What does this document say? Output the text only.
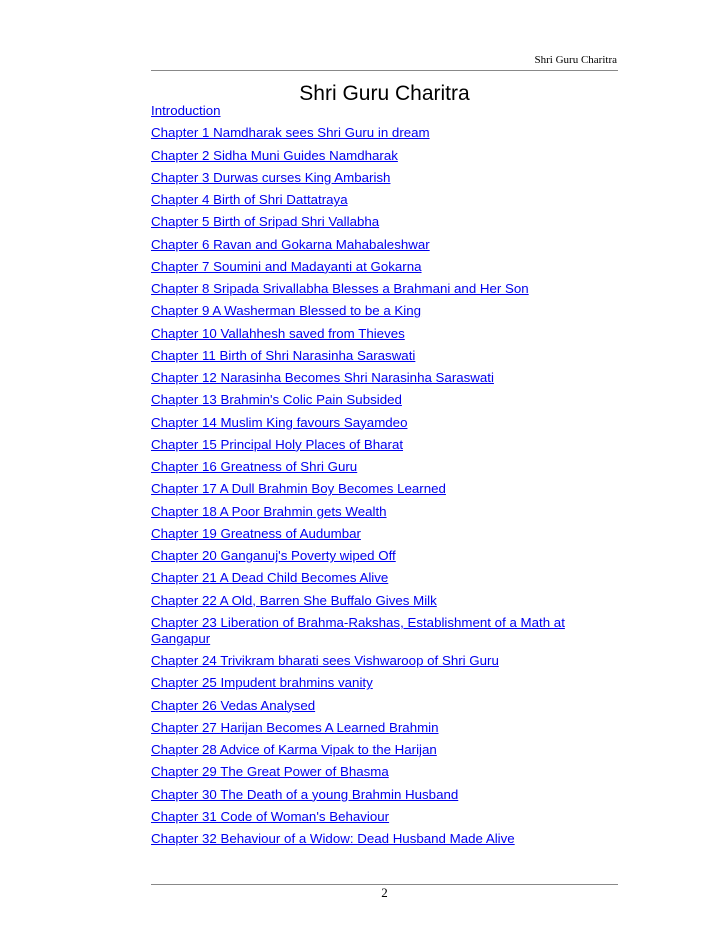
Shri Guru Charitra
Shri Guru Charitra
Introduction
Chapter 1 Namdharak sees Shri Guru in dream
Chapter 2 Sidha Muni Guides Namdharak
Chapter 3 Durwas curses King Ambarish
Chapter 4 Birth of Shri Dattatraya
Chapter 5 Birth of Sripad Shri Vallabha
Chapter 6 Ravan and Gokarna Mahabaleshwar
Chapter 7 Soumini and Madayanti at Gokarna
Chapter 8 Sripada Srivallabha Blesses a Brahmani and Her Son
Chapter 9 A Washerman Blessed to be a King
Chapter 10 Vallahhesh saved from Thieves
Chapter 11 Birth of Shri Narasinha Saraswati
Chapter 12 Narasinha Becomes Shri Narasinha Saraswati
Chapter 13 Brahmin's Colic Pain Subsided
Chapter 14 Muslim King favours Sayamdeo
Chapter 15 Principal Holy Places of Bharat
Chapter 16 Greatness of Shri Guru
Chapter 17 A Dull Brahmin Boy Becomes Learned
Chapter 18 A Poor Brahmin gets Wealth
Chapter 19 Greatness of Audumbar
Chapter 20 Ganganuj's Poverty wiped Off
Chapter 21 A Dead Child Becomes Alive
Chapter 22 A Old, Barren She Buffalo Gives Milk
Chapter 23 Liberation of Brahma-Rakshas, Establishment of a Math at Gangapur
Chapter 24 Trivikram bharati sees Vishwaroop of Shri Guru
Chapter 25 Impudent brahmins vanity
Chapter 26 Vedas Analysed
Chapter 27 Harijan Becomes A Learned Brahmin
Chapter 28 Advice of Karma Vipak to the Harijan
Chapter 29 The Great Power of Bhasma
Chapter 30 The Death of a young Brahmin Husband
Chapter 31 Code of Woman's Behaviour
Chapter 32 Behaviour of a Widow: Dead Husband Made Alive
2
